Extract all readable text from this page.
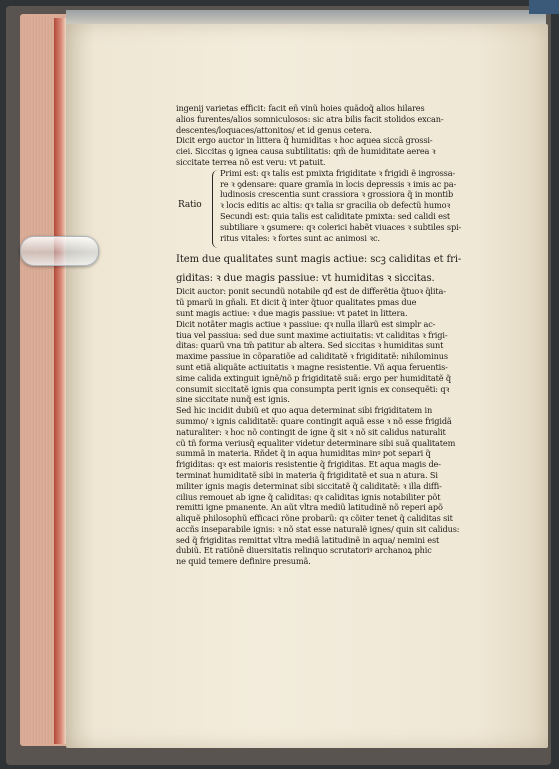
ingenij varietas efficit: facit eñ vinũ hoies quãdoq̃ alios hilares

alios furentes/alios somniculosos: sic atra bilis facit stolidos excan-

descentes/loquaces/attonitos/ et id genus cetera.

Dicit ergo auctor in littera q̃ humiditas ꝛ hoc aquea siccã grossi-

ciei. Siccitas ꝯ ignea causa subtilitatis: qm̃ de humiditate aerea ꝛ

siccitate terrea nõ est veru: vt patuit.

Ratio

Primi est: qꝛ talis est pmixta frigiditate ꝛ frigidi ẽ ingrossa-

re ꝛ ꝯdensare: quare gramĩa in locis depressis ꝛ imis ac pa-

ludinosis crescentia sunt crassiora ꝛ grossiora q̃ in montib

ꝛ locis editis ac altis: qꝛ talia sr gracilia ob defectũ humoꝛ

Secundi est: quia talis est caliditate pmixta: sed calidi est

subtiliare ꝛ ꝯsumere: qꝛ colerici habẽt viuaces ꝛ subtiles spi-

ritus vitales: ꝛ fortes sunt ac animosi ꝛc.

Item due qualitates sunt magis actiue: scꝫ caliditas et fri-

giditas: ꝛ due magis passiue: vt humiditas ꝛ siccitas.

Dicit auctor: ponit secundũ notabile qđ est de differẽtia q̃tuoꝛ q̃lita-

tũ pmarũ in gñali. Et dicit q̃ inter q̃tuor qualitates pmas due

sunt magis actiue: ꝛ due magis passiue: vt patet in littera.

Dicit notãter magis actiue ꝛ passiue: qꝛ nulla illarũ est simplr ac-

tiua vel passiua: sed due sunt maxime actiuitatis: vt caliditas ꝛ frigi-

ditas: quarũ vna tm̃ patitur ab altera. Sed siccitas ꝛ humiditas sunt

maxime passiue in cõparatiõe ad caliditatẽ ꝛ frigiditatẽ: nihilominus

sunt etiã aliquãte actiuitatis ꝛ magne resistentie. Vñ aqua feruentis-

sime calida extinguit ignẽ/nõ p frigiditatẽ suã: ergo per humiditatẽ q̃

consumit siccitatẽ ignis qua consumpta perit ignis ex consequẽti: qꝛ

sine siccitate nunq̃ est ignis.

Sed hic incidit dubiũ et quo aqua determinat sibi frigiditatem in

summo/ ꝛ ignis caliditatẽ: quare contingit aquã esse ꝛ nõ esse frigidã

naturaliter: ꝛ hoc nõ contingit de igne q̃ sit ꝛ nõ sit calidus naturalit

cũ tñ forma veriusq̃ equaliter videtur determinare sibi suã qualitatem

summã in materia. Rñdet q̃ in aqua humiditas minꝰ pot separi q̃

frigiditas: qꝛ est maioris resistentie q̃ frigiditas. Et aqua magis de-

terminat humiditatẽ sibi in materia q̃ frigiditatẽ et sua n atura. Si

militer ignis magis determinat sibi siccitatẽ q̃ caliditatẽ: ꝛ illa diffi-

cilius remouet ab igne q̃ caliditas: qꝛ caliditas ignis notabiliter põt

remitti igne pmanente. An aũt vltra mediũ latitudinẽ nõ reperi apõ

aliquẽ philosophũ efficaci rõne probarũ: qꝛ cõiter tenet q̃ caliditas sit

accñs inseparabile ignis: ꝛ nõ stat esse naturalẽ ignes/ quin sit calidus:

sed q̃ frigiditas remittat vltra mediã latitudinẽ in aqua/ nemini est

dubiũ. Et ratiõnẽ diuersitatis relinquo scrutatoriꝰ archanoꝝ phic

ne quid temere definire presumã.
